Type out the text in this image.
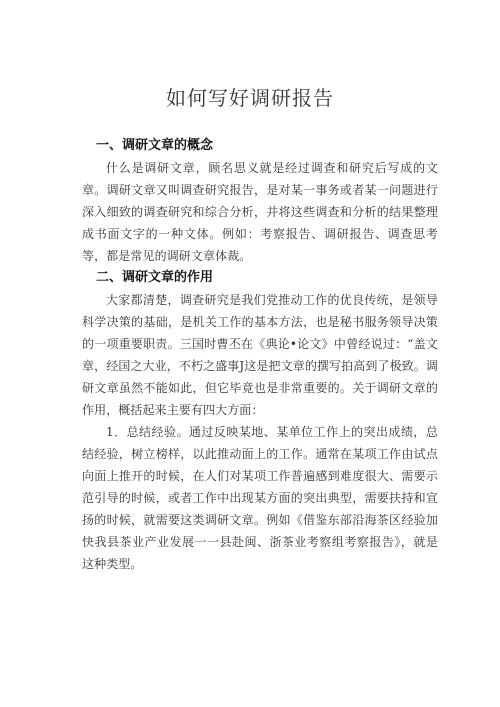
如何写好调研报告
一、调研文章的概念

什么是调研文章，顾名思义就是经过调查和研究后写成的文章。调研文章又叫调查研究报告，是对某一事务或者某一问题进行深入细致的调查研究和综合分析，并将这些调查和分析的结果整理成书面文字的一种文体。例如：考察报告、调研报告、调查思考等，都是常见的调研文章体裁。

二、调研文章的作用

大家都清楚，调查研究是我们党推动工作的优良传统，是领导科学决策的基础，是机关工作的基本方法，也是秘书服务领导决策的一项重要职责。三国时曹丕在《典论•论文》中曾经说过：“盖文章，经国之大业，不朽之盛事J这是把文章的撰写拍高到了极致。调研文章虽然不能如此，但它毕竟也是非常重要的。关于调研文章的作用，概括起来主要有四大方面：

1．总结经验。通过反映某地、某单位工作上的突出成绩，总结经验，树立榜样，以此推动面上的工作。通常在某项工作由试点向面上推开的时候，在人们对某项工作普遍感到难度很大、需要示范引导的时候，或者工作中出现某方面的突出典型，需要扶持和宣扬的时候，就需要这类调研文章。例如《借鉴东部沿海茶区经验加快我县茶业产业发展一一县赴闽、浙茶业考察组考察报告》，就是这种类型。
